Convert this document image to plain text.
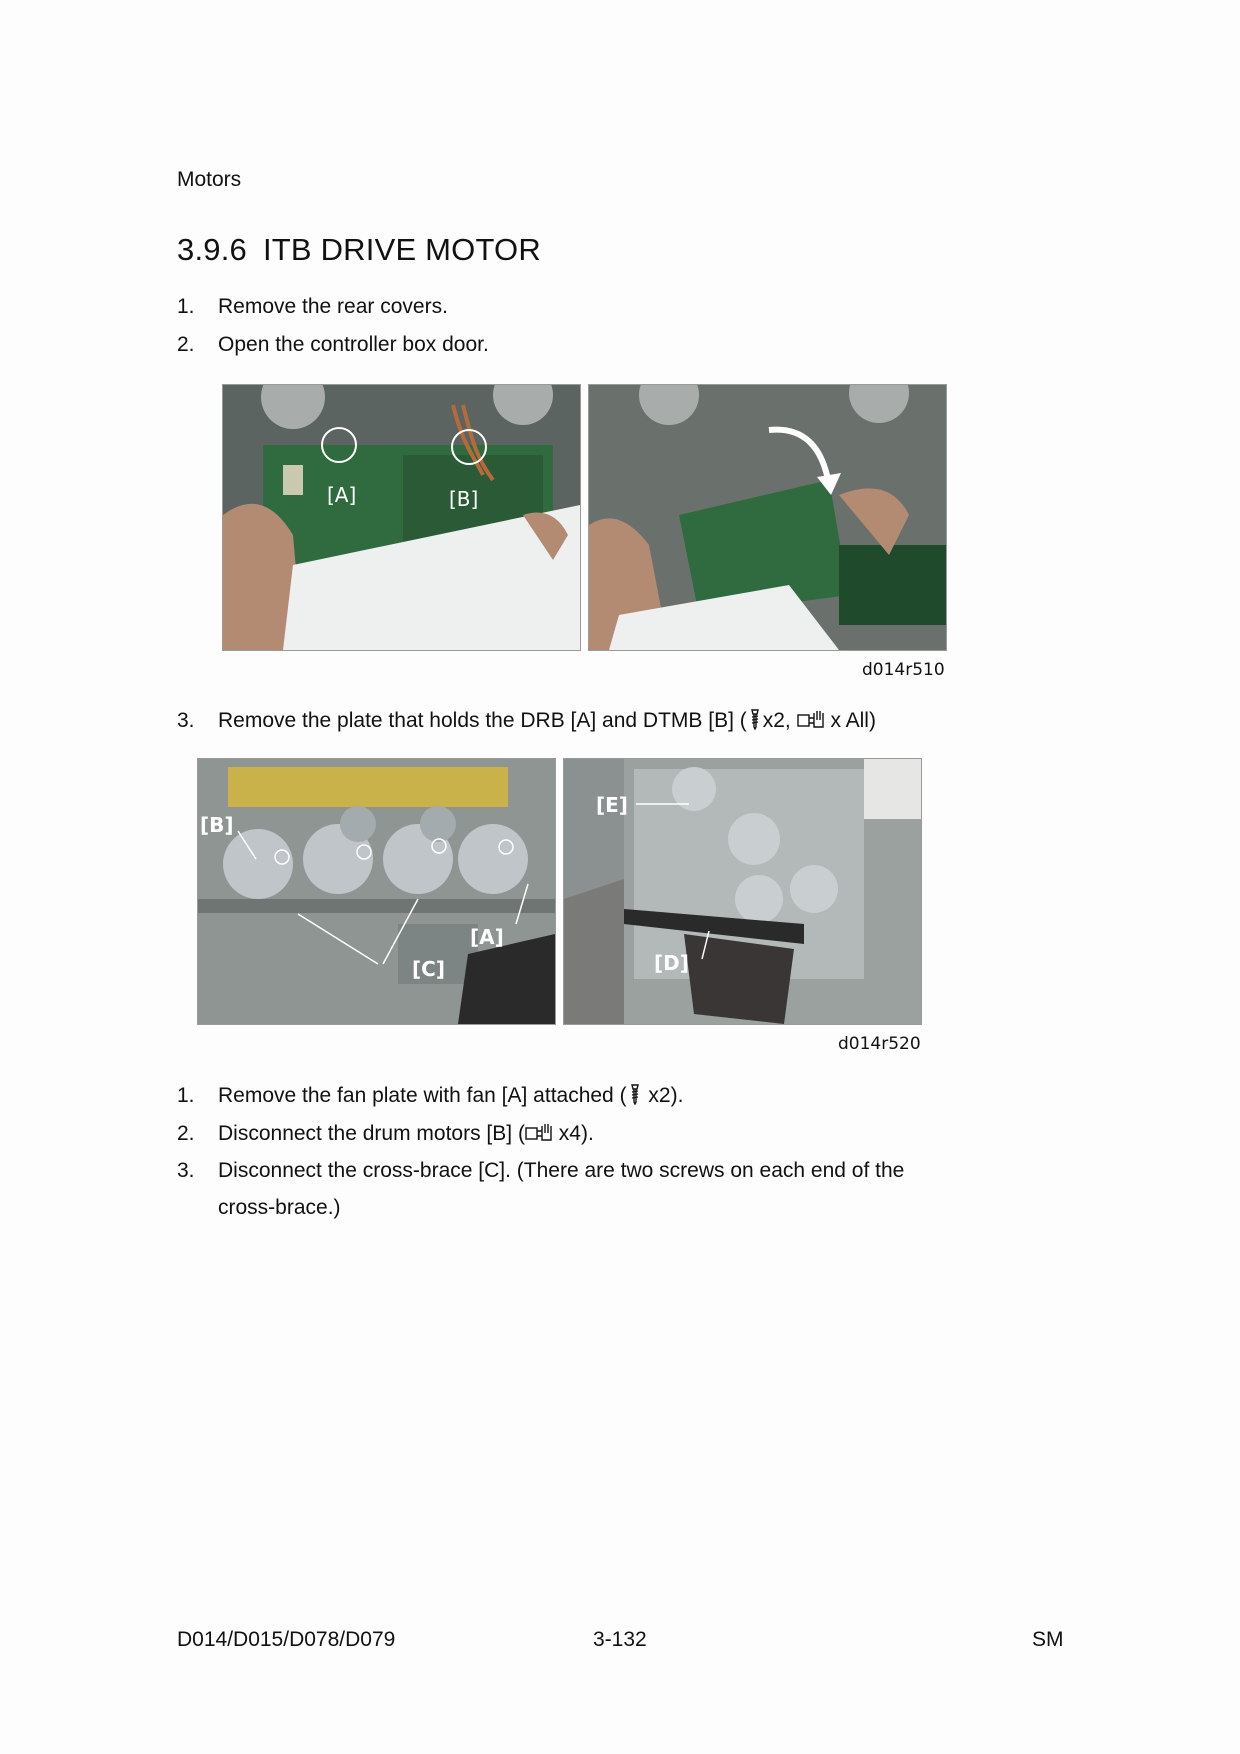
Motors
3.9.6 ITB DRIVE MOTOR
1. Remove the rear covers.
2. Open the controller box door.
[A]	[B]
d014r510
3. Remove the plate that holds the DRB [A] and DTMB [B] ( x2,  x All)
[B]
[A]
[C]
[E]
[D]
d014r520
1. Remove the fan plate with fan [A] attached ( x2).
2. Disconnect the drum motors [B] ( x4).
3. Disconnect the cross-brace [C]. (There are two screws on each end of the
cross-brace.)
D014/D015/D078/D079	3-132	SM
